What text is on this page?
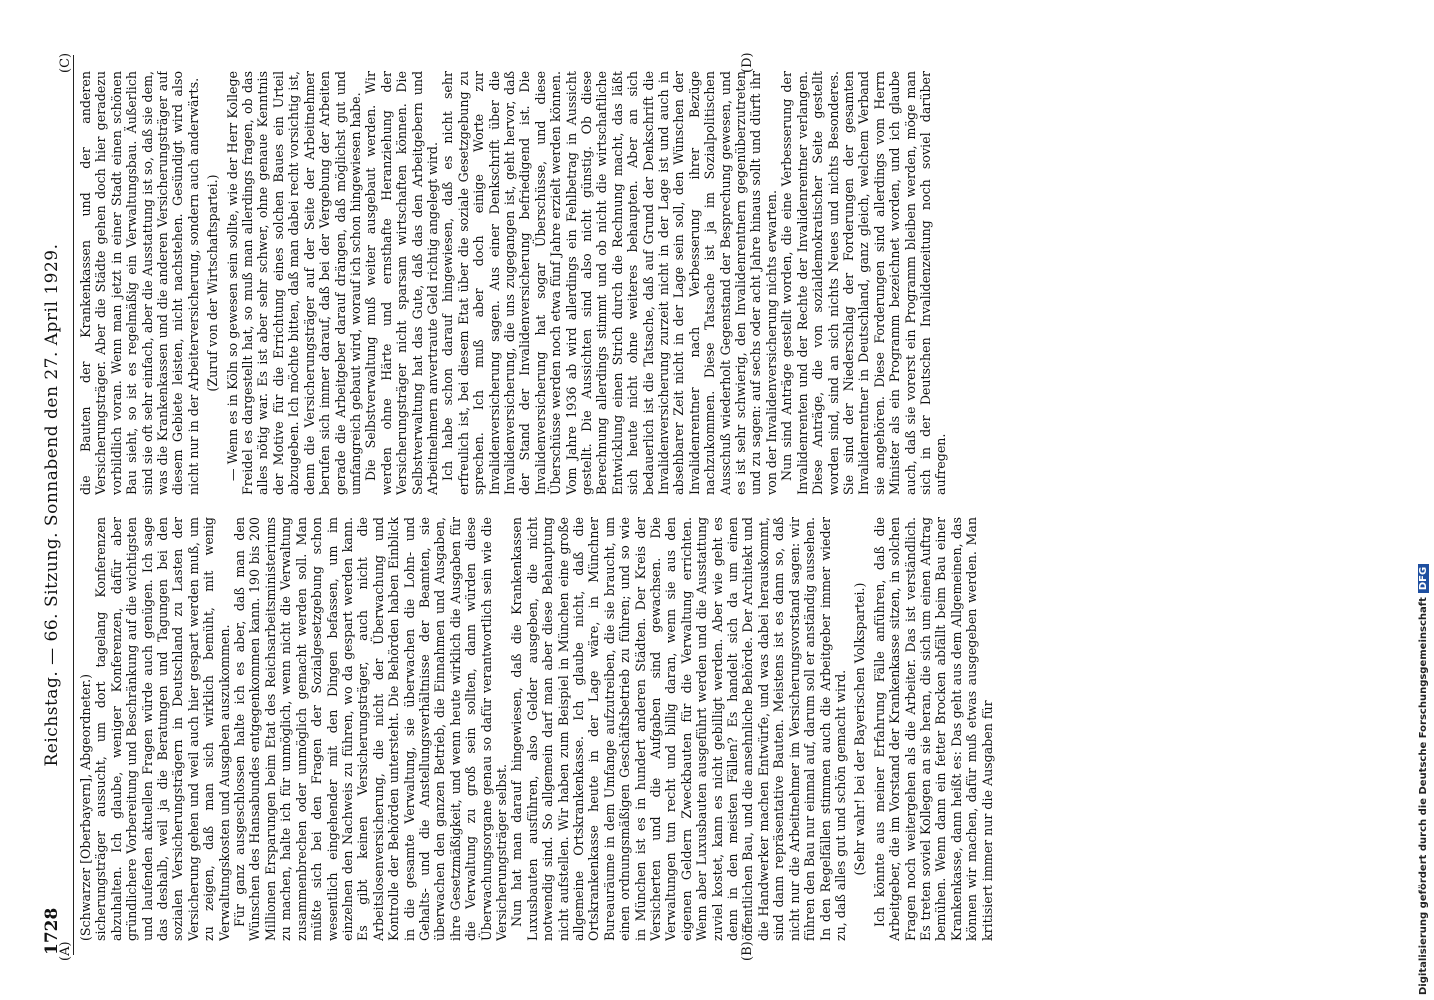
1728
Reichstag. — 66. Sitzung. Sonnabend den 27. April 1929.

(Schwarzer [Oberbayern], Abgeordneter.) sicherungsträger aussucht, um dort tagelang Konferenzen abzuhalten. Ich glaube, weniger Konferenzen, dafür aber gründlichere Vorbereitung und Beschränkung auf die wichtigsten und laufenden aktuellen Fragen würde auch genügen. Ich sage das deshalb, weil ja die Beratungen und Tagungen bei den sozialen Versicherungsträgern in Deutschland zu Lasten der Versicherung gehen und weil auch hier gespart werden muß, um zu zeigen, daß man sich wirklich bemüht, mit wenig Verwaltungskosten und Ausgaben auszukommen. Für ganz ausgeschlossen halte ich es aber, daß man den Wünschen des Hansabundes entgegenkommen kann. 190 bis 200 Millionen Ersparungen beim Etat des Reichsarbeitsministeriums zu machen, halte ich für unmöglich, wenn nicht die Verwaltung zusammenbrechen oder unmöglich gemacht werden soll. Man müßte sich bei den Fragen der Sozialgesetzgebung schon wesentlich eingehender mit den Dingen befassen, um im einzelnen den Nachweis zu führen, wo da gespart werden kann. Es gibt keinen Versicherungsträger, auch nicht die Arbeitslosenversicherung, die nicht der Überwachung und Kontrolle der Behörden untersteht. Die Behörden haben Einblick in die gesamte Verwaltung, sie überwachen die Lohn- und Gehalts- und die Anstellungsverhältnisse der Beamten, sie überwachen den ganzen Betrieb, die Einnahmen und Ausgaben, ihre Gesetzmäßigkeit, und wenn heute wirklich die Ausgaben für die Verwaltung zu groß sein sollten, dann würden diese Überwachungsorgane genau so dafür verantwortlich sein wie die Versicherungsträger selbst. Nun hat man darauf hingewiesen, daß die Krankenkassen Luxusbauten ausführen, also Gelder ausgeben, die nicht notwendig sind. So allgemein darf man aber diese Behauptung nicht aufstellen. Wir haben zum Beispiel in München eine große allgemeine Ortskrankenkasse. Ich glaube nicht, daß die Ortskrankenkasse heute in der Lage wäre, in Münchner Bureauräume in dem Umfange aufzutreiben, die sie braucht, um einen ordnungsmäßigen Geschäftsbetrieb zu führen; und so wie in München ist es in hundert anderen Städten. Der Kreis der Versicherten und die Aufgaben sind gewachsen. Die Verwaltungen tun recht und billig daran, wenn sie aus den eigenen Geldern Zweckbauten für die Verwaltung errichten. Wenn aber Luxusbauten ausgeführt werden und die Ausstattung zuviel kostet, kann es nicht gebilligt werden. Aber wie geht es denn in den meisten Fällen? Es handelt sich da um einen öffentlichen Bau, und die ansehnliche Behörde. Der Architekt und die Handwerker machen Entwürfe, und was dabei herauskommt, sind dann repräsentative Bauten. Meistens ist es dann so, daß nicht nur die Arbeitnehmer im Versicherungsvorstand sagen: wir führen den Bau nur einmal auf, darum soll er anständig aussehen. In den Regelfällen stimmen auch die Arbeitgeber immer wieder zu, daß alles gut und schön gemacht wird. (Sehr wahr! bei der Bayerischen Volkspartei.) Ich könnte aus meiner Erfahrung Fälle anführen, daß die Arbeitgeber, die im Vorstand der Krankenkasse sitzen, in solchen Fragen noch weitergehen als die Arbeiter. Das ist verständlich. Es treten soviel Kollegen an sie heran, die sich um einen Auftrag bemühen. Wenn dann ein fetter Brocken abfällt beim Bau einer Krankenkasse, dann heißt es: Das geht aus dem Allgemeinen, das können wir machen, dafür muß etwas ausgegeben werden. Man kritisiert immer nur die Ausgaben für

die Bauten der Krankenkassen und der anderen Versicherungsträger. Aber die Städte gehen doch hier geradezu vorbildlich voran. Wenn man jetzt in einer Stadt einen schönen Bau sieht, so ist es regelmäßig ein Verwaltungsbau. Äußerlich sind sie oft sehr einfach, aber die Ausstattung ist so, daß sie dem, was die Krankenkassen und die anderen Versicherungsträger auf diesem Gebiete leisten, nicht nachstehen. Gesündigt wird also nicht nur in der Arbeiterversicherung, sondern auch anderwärts. (Zuruf von der Wirtschaftspartei.) — Wenn es in Köln so gewesen sein sollte, wie der Herr Kollege Freidel es dargestellt hat, so muß man allerdings fragen, ob das alles nötig war. Es ist aber sehr schwer, ohne genaue Kenntnis der Motive für die Errichtung eines solchen Baues ein Urteil abzugeben. Ich möchte bitten, daß man dabei recht vorsichtig ist, denn die Versicherungsträger auf der Seite der Arbeitnehmer berufen sich immer darauf, daß bei der Vergebung der Arbeiten gerade die Arbeitgeber darauf drängen, daß möglichst gut und umfangreich gebaut wird, worauf ich schon hingewiesen habe. Die Selbstverwaltung muß weiter ausgebaut werden. Wir werden ohne Härte und ernsthafte Heranziehung der Versicherungsträger nicht sparsam wirtschaften können. Die Selbstverwaltung hat das Gute, daß das den Arbeitgebern und Arbeitnehmern anvertraute Geld richtig angelegt wird. Ich habe schon darauf hingewiesen, daß es nicht sehr erfreulich ist, bei diesem Etat über die soziale Gesetzgebung zu sprechen. Ich muß aber doch einige Worte zur Invalidenversicherung sagen. Aus einer Denkschrift über die Invalidenversicherung, die uns zugegangen ist, geht hervor, daß der Stand der Invalidenversicherung befriedigend ist. Die Invalidenversicherung hat sogar Überschüsse, und diese Überschüsse werden noch etwa fünf Jahre erzielt werden können. Vom Jahre 1936 ab wird allerdings ein Fehlbetrag in Aussicht gestellt. Die Aussichten sind also nicht günstig. Ob diese Berechnung allerdings stimmt und ob nicht die wirtschaftliche Entwicklung einen Strich durch die Rechnung macht, das läßt sich heute nicht ohne weiteres behaupten. Aber an sich bedauerlich ist die Tatsache, daß auf Grund der Denkschrift die Invalidenversicherung zurzeit nicht in der Lage ist und auch in absehbarer Zeit nicht in der Lage sein soll, den Wünschen der Invalidenrentner nach Verbesserung ihrer Bezüge nachzukommen. Diese Tatsache ist ja im Sozialpolitischen Ausschuß wiederholt Gegenstand der Besprechung gewesen, und es ist sehr schwierig, den Invalidenrentnern gegenüberzutreten und zu sagen: auf sechs oder acht Jahre hinaus sollt und dürft ihr von der Invalidenversicherung nichts erwarten. Nun sind Anträge gestellt worden, die eine Verbesserung der Invalidenrenten und der Rechte der Invalidenrentner verlangen. Diese Anträge, die von sozialdemokratischer Seite gestellt worden sind, sind an sich nichts Neues und nichts Besonderes. Sie sind der Niederschlag der Forderungen der gesamten Invalidenrentner in Deutschland, ganz gleich, welchem Verband sie angehören. Diese Forderungen sind allerdings vom Herrn Minister als ein Programm bezeichnet worden, und ich glaube auch, daß sie vorerst ein Programm bleiben werden, möge man sich in der Deutschen Invalidenzeitung noch soviel darüber aufregen.

(A)	(B)
(C)	(D)
Digitalisierung gefördert durch die Deutsche ForschungsgemeinschaftDFG
